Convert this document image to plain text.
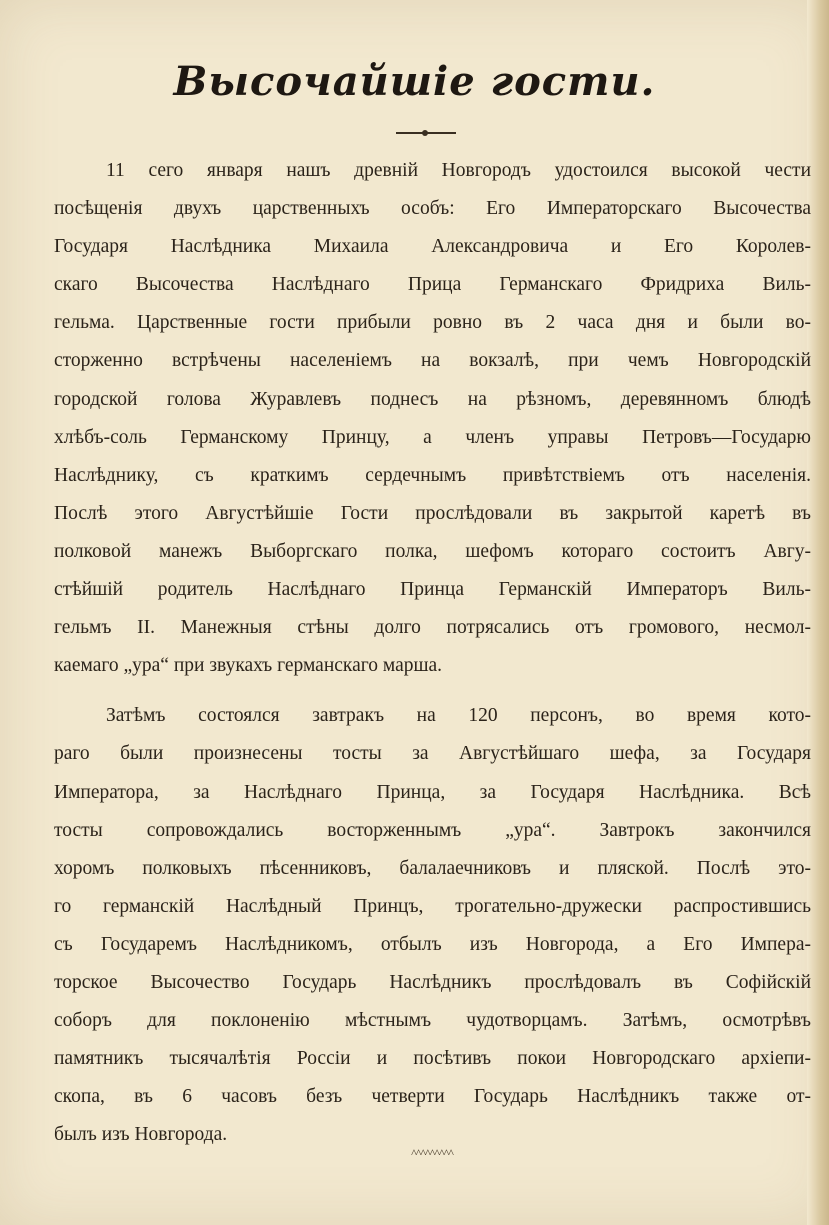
Высочайшіе гости.
11 сего января нашъ древній Новгородъ удостоился высокой чести
посѣщенія двухъ царственныхъ особъ: Его Императорскаго Высочества
Государя Наслѣдника Михаила Александровича и Его Королев-
скаго Высочества Наслѣднаго Прица Германскаго Фридриха Виль-
гельма. Царственные гости прибыли ровно въ 2 часа дня и были во-
сторженно встрѣчены населеніемъ на вокзалѣ, при чемъ Новгородскій
городской голова Журавлевъ поднесъ на рѣзномъ, деревянномъ блюдѣ
хлѣбъ-соль Германскому Принцу, а членъ управы Петровъ—Государю
Наслѣднику, съ краткимъ сердечнымъ привѣтствіемъ отъ населенія.
Послѣ этого Августѣйшіе Гости прослѣдовали въ закрытой каретѣ въ
полковой манежъ Выборгскаго полка, шефомъ котораго состоитъ Авгу-
стѣйшій родитель Наслѣднаго Принца Германскій Императоръ Виль-
гельмъ II. Манежныя стѣны долго потрясались отъ громового, несмол-
каемаго „ура“ при звукахъ германскаго марша.
Затѣмъ состоялся завтракъ на 120 персонъ, во время кото-
раго были произнесены тосты за Августѣйшаго шефа, за Государя
Императора, за Наслѣднаго Принца, за Государя Наслѣдника. Всѣ
тосты сопровождались восторженнымъ „ура“. Завтрокъ закончился
хоромъ полковыхъ пѣсенниковъ, балалаечниковъ и пляской. Послѣ это-
го германскій Наслѣдный Принцъ, трогательно-дружески распростившись
съ Государемъ Наслѣдникомъ, отбылъ изъ Новгорода, а Его Импера-
торское Высочество Государь Наслѣдникъ прослѣдовалъ въ Софійскій
соборъ для поклоненію мѣстнымъ чудотворцамъ. Затѣмъ, осмотрѣвъ
памятникъ тысячалѣтія Россіи и посѣтивъ покои Новгородскаго архіепи-
скопа, въ 6 часовъ безъ четверти Государь Наслѣдникъ также от-
былъ изъ Новгорода.
^^^^^^^^^
